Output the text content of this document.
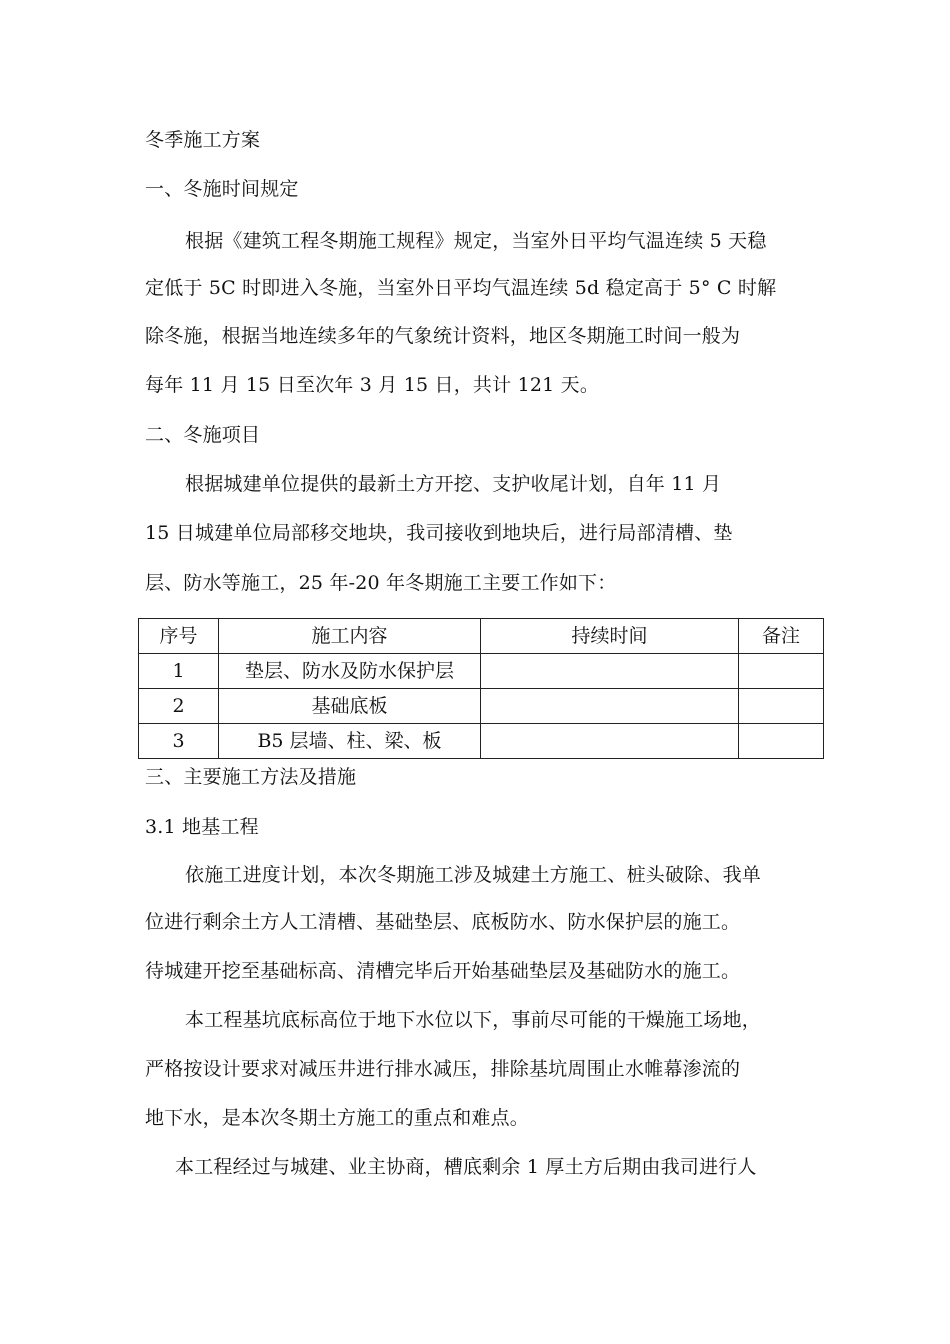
冬季施工方案
一、冬施时间规定
根据《建筑工程冬期施工规程》规定，当室外日平均气温连续 5 天稳
定低于 5C 时即进入冬施，当室外日平均气温连续 5d 稳定高于 5° C 时解
除冬施，根据当地连续多年的气象统计资料，地区冬期施工时间一般为
每年 11 月 15 日至次年 3 月 15 日，共计 121 天。
二、冬施项目
根据城建单位提供的最新土方开挖、支护收尾计划，自年 11 月
15 日城建单位局部移交地块，我司接收到地块后，进行局部清槽、垫
层、防水等施工，25 年-20 年冬期施工主要工作如下：
序号	施工内容	持续时间	备注
1	垫层、防水及防水保护层		
2	基础底板		
3	B5 层墙、柱、梁、板		
三、主要施工方法及措施
3.1 地基工程
依施工进度计划，本次冬期施工涉及城建土方施工、桩头破除、我单
位进行剩余土方人工清槽、基础垫层、底板防水、防水保护层的施工。
待城建开挖至基础标高、清槽完毕后开始基础垫层及基础防水的施工。
本工程基坑底标高位于地下水位以下，事前尽可能的干燥施工场地，
严格按设计要求对减压井进行排水减压，排除基坑周围止水帷幕渗流的
地下水，是本次冬期土方施工的重点和难点。
本工程经过与城建、业主协商，槽底剩余 1 厚土方后期由我司进行人
